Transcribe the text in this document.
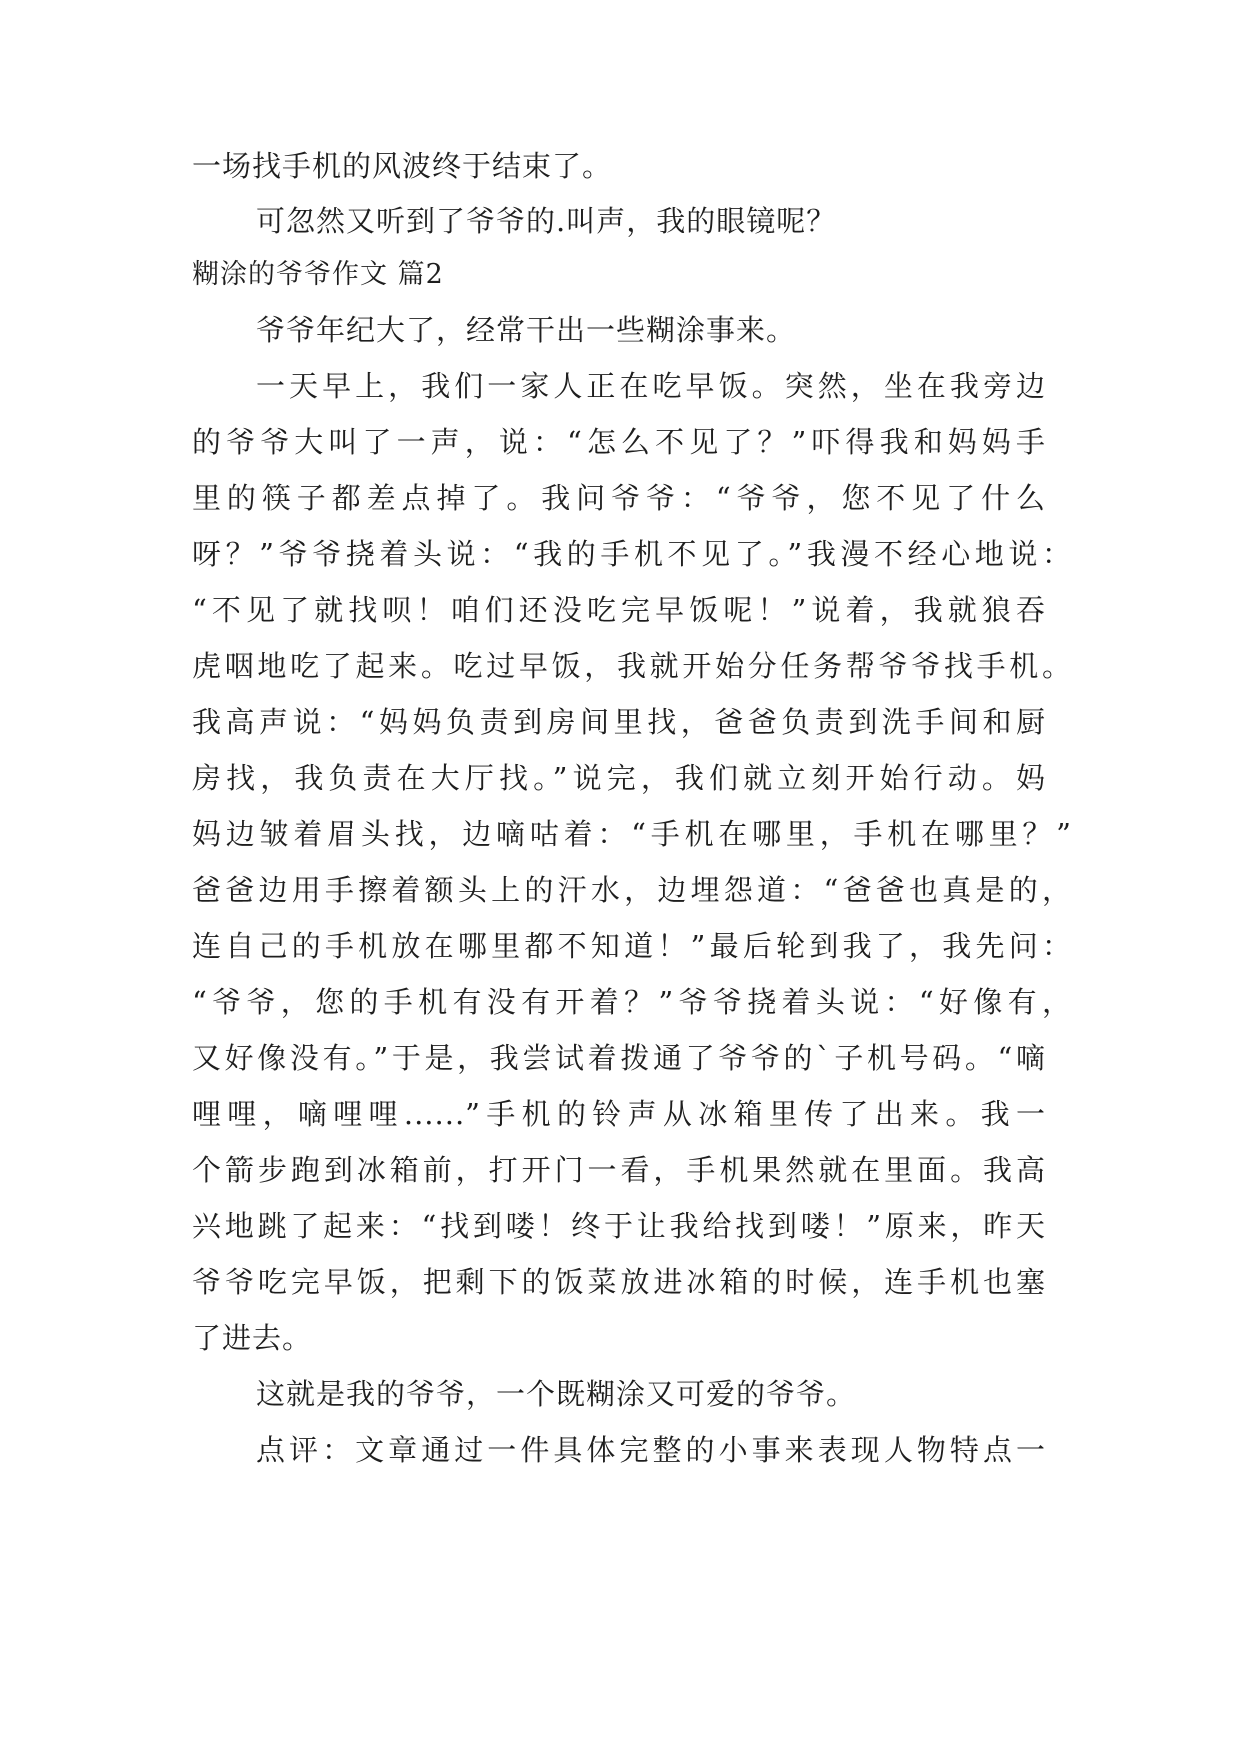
一场找手机的风波终于结束了。
可忽然又听到了爷爷的.叫声，我的眼镜呢？
糊涂的爷爷作文 篇2
爷爷年纪大了，经常干出一些糊涂事来。
一天早上，我们一家人正在吃早饭。突然，坐在我旁边
的爷爷大叫了一声，说：“怎么不见了？”吓得我和妈妈手
里的筷子都差点掉了。我问爷爷：“爷爷，您不见了什么
呀？”爷爷挠着头说：“我的手机不见了。”我漫不经心地说：
“不见了就找呗！咱们还没吃完早饭呢！”说着，我就狼吞
虎咽地吃了起来。吃过早饭，我就开始分任务帮爷爷找手机。
我高声说：“妈妈负责到房间里找，爸爸负责到洗手间和厨
房找，我负责在大厅找。”说完，我们就立刻开始行动。妈
妈边皱着眉头找，边嘀咕着：“手机在哪里，手机在哪里？”
爸爸边用手擦着额头上的汗水，边埋怨道：“爸爸也真是的，
连自己的手机放在哪里都不知道！”最后轮到我了，我先问：
“爷爷，您的手机有没有开着？”爷爷挠着头说：“好像有，
又好像没有。”于是，我尝试着拨通了爷爷的`子机号码。“嘀
哩哩，嘀哩哩......”手机的铃声从冰箱里传了出来。我一
个箭步跑到冰箱前，打开门一看，手机果然就在里面。我高
兴地跳了起来：“找到喽！终于让我给找到喽！”原来，昨天
爷爷吃完早饭，把剩下的饭菜放进冰箱的时候，连手机也塞
了进去。
这就是我的爷爷，一个既糊涂又可爱的爷爷。
点评：文章通过一件具体完整的小事来表现人物特点一
